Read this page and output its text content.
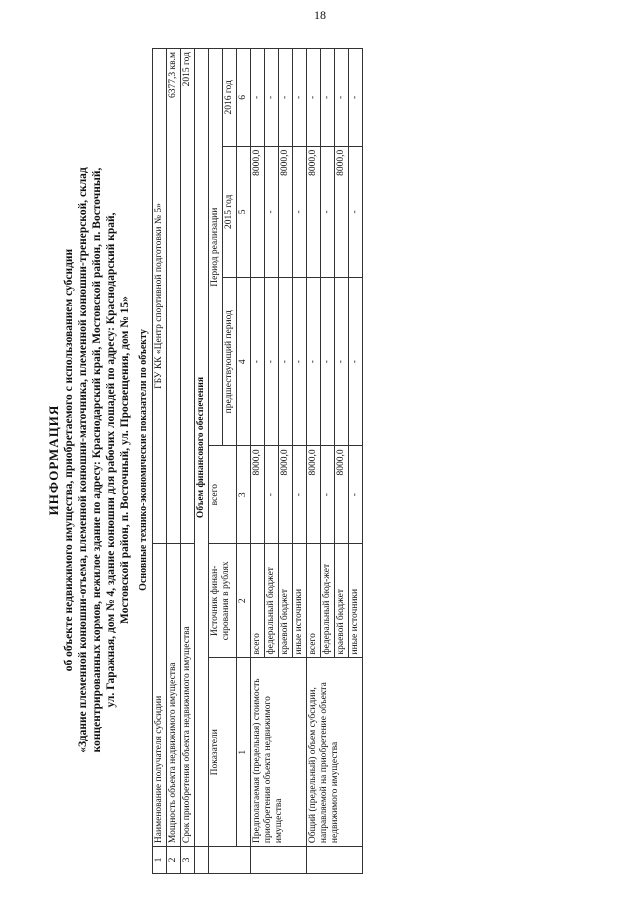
18
ИНФОРМАЦИЯ об объекте недвижимого имущества, приобретаемого с использованием субсидии «Здание племенной конюшни-отъема, племенной конюшни-маточника, племенной конюшни-тренерской, склад концентрированных кормов, нежилое здание по адресу: Краснодарский край, Мостовской район, п. Восточный, ул. Гаражная, дом № 4, здание конюшни для рабочих лошадей по адресу: Краснодарский край, Мостовской район, п. Восточный, ул. Просвещения, дом № 15» Основные технико-экономические показатели по объекту
1	Наименование получателя субсидии		ГБУ КК «Центр спортивной подготовки № 5»			
2	Мощность объекта недвижимого имущества		6377,3 кв.м			
3	Срок приобретения объекта недвижимого имущества		2015 год			
	Объем финансового обеспечения					
	Показатели	Источник финан-сирования в рублях	всего	Период реализации		
				предшествующий период	2015 год	2016 год
	1	2	3	4	5	6
	Предполагаемая (предельная) стоимость приобретения объекта недвижимого имущества	всего	8000,0	-	8000,0	-
		федеральный бюджет	-	-	-	-
		краевой бюджет	8000,0	-	8000,0	-
		иные источники	-	-	-	-
	Общий (предельный) объем субсидии, направляемой на приобретение объекта недвижимого имущества	всего	8000,0	-	8000,0	-
		федеральный бюд-жет	-	-	-	-
		краевой бюджет	8000,0	-	8000,0	-
		иные источники	-	-	-	-
